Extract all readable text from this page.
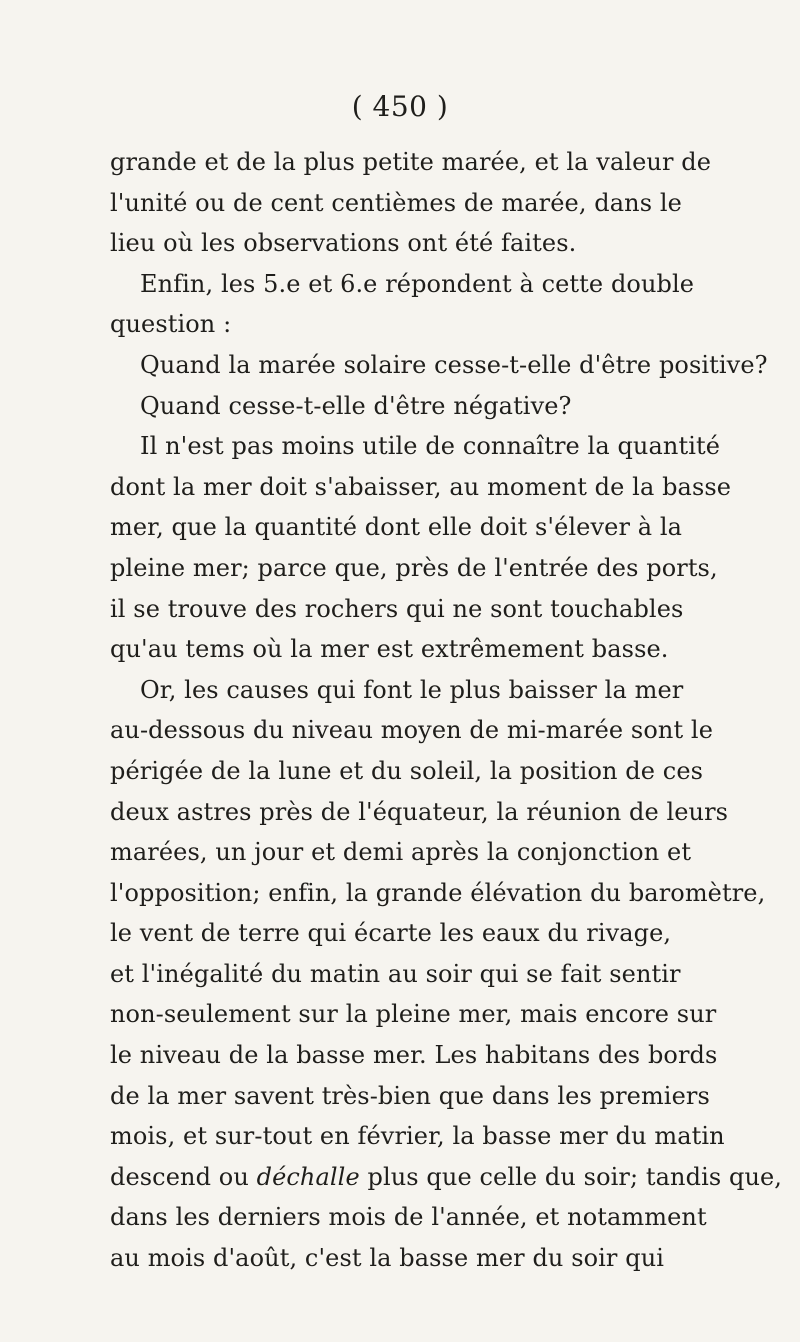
( 450 )
grande et de la plus petite marée, et la valeur de
l'unité ou de cent centièmes de marée, dans le
lieu où les observations ont été faites.
Enfin, les 5.e et 6.e répondent à cette double
question :
Quand la marée solaire cesse-t-elle d'être positive?
Quand cesse-t-elle d'être négative?
Il n'est pas moins utile de connaître la quantité
dont la mer doit s'abaisser, au moment de la basse
mer, que la quantité dont elle doit s'élever à la
pleine mer; parce que, près de l'entrée des ports,
il se trouve des rochers qui ne sont touchables
qu'au tems où la mer est extrêmement basse.
Or, les causes qui font le plus baisser la mer
au-dessous du niveau moyen de mi-marée sont le
périgée de la lune et du soleil, la position de ces
deux astres près de l'équateur, la réunion de leurs
marées, un jour et demi après la conjonction et
l'opposition; enfin, la grande élévation du baromètre,
le vent de terre qui écarte les eaux du rivage,
et l'inégalité du matin au soir qui se fait sentir
non-seulement sur la pleine mer, mais encore sur
le niveau de la basse mer. Les habitans des bords
de la mer savent très-bien que dans les premiers
mois, et sur-tout en février, la basse mer du matin
descend ou déchalle plus que celle du soir; tandis que,
dans les derniers mois de l'année, et notamment
au mois d'août, c'est la basse mer du soir qui
